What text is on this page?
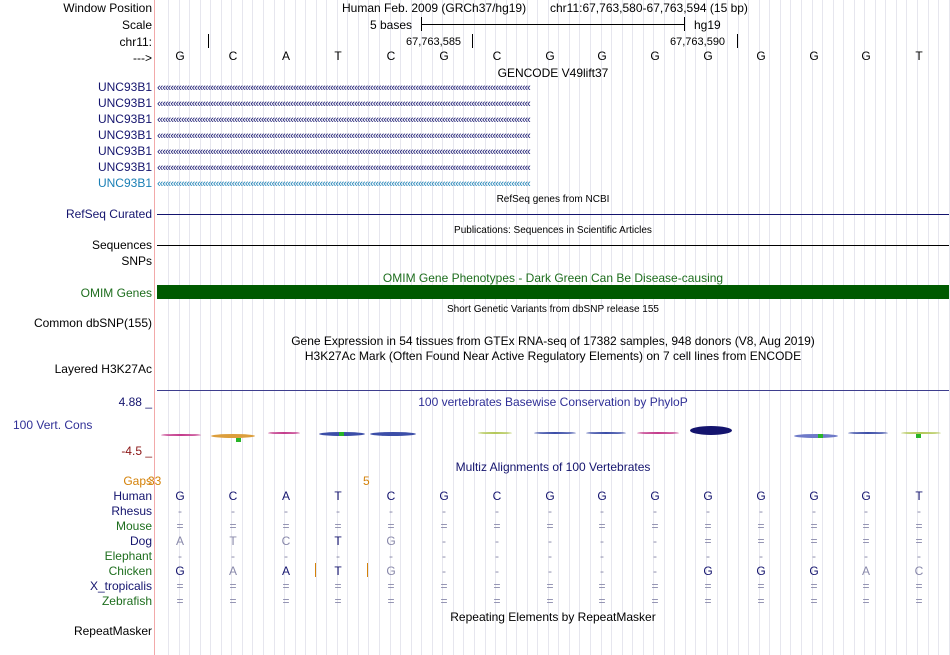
Window Position	Human Feb. 2009 (GRCh37/hg19) chr11:67,763,580-67,763,594 (15 bp)
Scale	5 bases	hg19
chr11:	67,763,585	67,763,590
--->	G	C	A	T	C	G	C	G	G	G	G	G	G	G	T
GENCODE V49lift37
UNC93B1 ‹‹‹‹‹‹‹‹‹‹‹‹‹‹‹‹‹‹‹‹‹‹‹‹‹‹‹‹‹‹‹‹‹‹‹‹‹‹‹‹‹‹‹‹‹‹‹‹‹‹‹‹‹‹‹‹‹‹‹‹‹‹‹‹‹‹‹‹‹‹‹‹‹‹‹‹‹‹‹‹‹‹‹‹‹‹‹‹‹‹‹‹‹‹‹‹‹‹‹‹‹‹‹‹‹‹‹‹‹‹‹‹‹‹‹‹‹‹‹‹‹‹‹‹‹‹‹‹‹‹‹‹‹‹‹‹‹‹‹‹
UNC93B1 ‹‹‹‹‹‹‹‹‹‹‹‹‹‹‹‹‹‹‹‹‹‹‹‹‹‹‹‹‹‹‹‹‹‹‹‹‹‹‹‹‹‹‹‹‹‹‹‹‹‹‹‹‹‹‹‹‹‹‹‹‹‹‹‹‹‹‹‹‹‹‹‹‹‹‹‹‹‹‹‹‹‹‹‹‹‹‹‹‹‹‹‹‹‹‹‹‹‹‹‹‹‹‹‹‹‹‹‹‹‹‹‹‹‹‹‹‹‹‹‹‹‹‹‹‹‹‹‹‹‹‹‹‹‹‹‹‹‹‹‹
UNC93B1 ‹‹‹‹‹‹‹‹‹‹‹‹‹‹‹‹‹‹‹‹‹‹‹‹‹‹‹‹‹‹‹‹‹‹‹‹‹‹‹‹‹‹‹‹‹‹‹‹‹‹‹‹‹‹‹‹‹‹‹‹‹‹‹‹‹‹‹‹‹‹‹‹‹‹‹‹‹‹‹‹‹‹‹‹‹‹‹‹‹‹‹‹‹‹‹‹‹‹‹‹‹‹‹‹‹‹‹‹‹‹‹‹‹‹‹‹‹‹‹‹‹‹‹‹‹‹‹‹‹‹‹‹‹‹‹‹‹‹‹‹
UNC93B1 ‹‹‹‹‹‹‹‹‹‹‹‹‹‹‹‹‹‹‹‹‹‹‹‹‹‹‹‹‹‹‹‹‹‹‹‹‹‹‹‹‹‹‹‹‹‹‹‹‹‹‹‹‹‹‹‹‹‹‹‹‹‹‹‹‹‹‹‹‹‹‹‹‹‹‹‹‹‹‹‹‹‹‹‹‹‹‹‹‹‹‹‹‹‹‹‹‹‹‹‹‹‹‹‹‹‹‹‹‹‹‹‹‹‹‹‹‹‹‹‹‹‹‹‹‹‹‹‹‹‹‹‹‹‹‹‹‹‹‹‹
UNC93B1 ‹‹‹‹‹‹‹‹‹‹‹‹‹‹‹‹‹‹‹‹‹‹‹‹‹‹‹‹‹‹‹‹‹‹‹‹‹‹‹‹‹‹‹‹‹‹‹‹‹‹‹‹‹‹‹‹‹‹‹‹‹‹‹‹‹‹‹‹‹‹‹‹‹‹‹‹‹‹‹‹‹‹‹‹‹‹‹‹‹‹‹‹‹‹‹‹‹‹‹‹‹‹‹‹‹‹‹‹‹‹‹‹‹‹‹‹‹‹‹‹‹‹‹‹‹‹‹‹‹‹‹‹‹‹‹‹‹‹‹‹
UNC93B1 ‹‹‹‹‹‹‹‹‹‹‹‹‹‹‹‹‹‹‹‹‹‹‹‹‹‹‹‹‹‹‹‹‹‹‹‹‹‹‹‹‹‹‹‹‹‹‹‹‹‹‹‹‹‹‹‹‹‹‹‹‹‹‹‹‹‹‹‹‹‹‹‹‹‹‹‹‹‹‹‹‹‹‹‹‹‹‹‹‹‹‹‹‹‹‹‹‹‹‹‹‹‹‹‹‹‹‹‹‹‹‹‹‹‹‹‹‹‹‹‹‹‹‹‹‹‹‹‹‹‹‹‹‹‹‹‹‹‹‹‹
UNC93B1 ‹‹‹‹‹‹‹‹‹‹‹‹‹‹‹‹‹‹‹‹‹‹‹‹‹‹‹‹‹‹‹‹‹‹‹‹‹‹‹‹‹‹‹‹‹‹‹‹‹‹‹‹‹‹‹‹‹‹‹‹‹‹‹‹‹‹‹‹‹‹‹‹‹‹‹‹‹‹‹‹‹‹‹‹‹‹‹‹‹‹‹‹‹‹‹‹‹‹‹‹‹‹‹‹‹‹‹‹‹‹‹‹‹‹‹‹‹‹‹‹‹‹‹‹‹‹‹‹‹‹‹‹‹‹‹‹‹‹‹‹
RefSeq genes from NCBI
RefSeq Curated
Publications: Sequences in Scientific Articles
Sequences
SNPs
OMIM Gene Phenotypes - Dark Green Can Be Disease-causing
OMIM Genes
Short Genetic Variants from dbSNP release 155
Common dbSNP(155)
Gene Expression in 54 tissues from GTEx RNA-seq of 17382 samples, 948 donors (V8, Aug 2019)
H3K27Ac Mark (Often Found Near Active Regulatory Elements) on 7 cell lines from ENCODE
Layered H3K27Ac
100 vertebrates Basewise Conservation by PhyloP
4.88 _
100 Vert. Cons
-4.5 _
Multiz Alignments of 100 Vertebrates
Gaps
33	5
Human	G	C	A	T	C	G	C	G	G	G	G	G	G	G	T
Rhesus	-	-	-	-	-	-	-	-	-	-	-	-	-	-	-
Mouse	=	=	=	=	=	=	=	=	=	=	=	=	=	=	=
Dog	A	T	C	T	G	-	-	-	-	-	=	=	=	=	=
Elephant	-	-	-	-	-	-	-	-	-	-	-	-	-	-	-
Chicken	G	A	A	T	G	-	-	-	-	-	G	G	G	A	C
X_tropicalis	=	=	=	=	=	=	=	=	=	=	=	=	=	=	=
Zebrafish	=	=	=	=	=	=	=	=	=	=	=	=	=	=	=
Repeating Elements by RepeatMasker
RepeatMasker
